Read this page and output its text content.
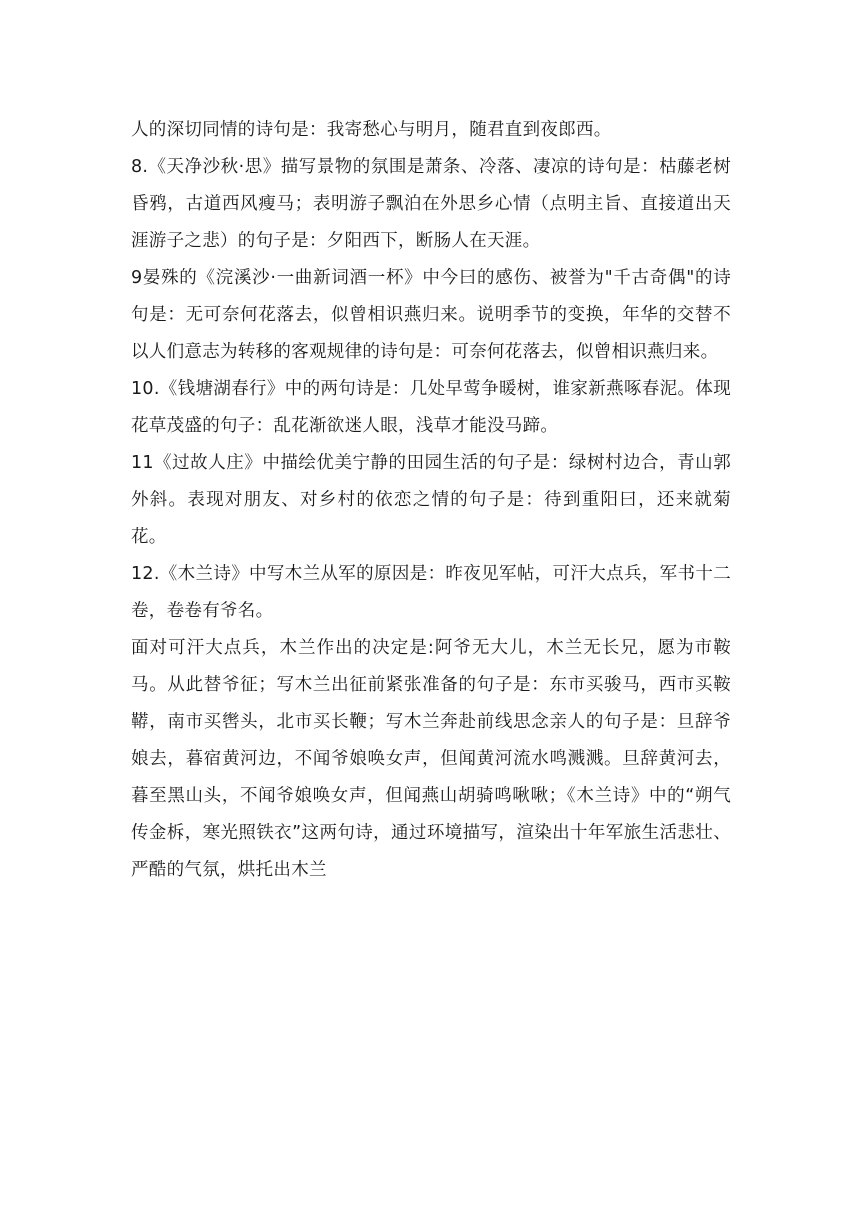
人的深切同情的诗句是：我寄愁心与明月，随君直到夜郎西。

8.《天净沙秋·思》描写景物的氛围是萧条、冷落、凄凉的诗句是：枯藤老树昏鸦，古道西风瘦马；表明游子飘泊在外思乡心情（点明主旨、直接道出天涯游子之悲）的句子是：夕阳西下，断肠人在天涯。

9晏殊的《浣溪沙·一曲新词酒一杯》中今曰的感伤、被誉为"千古奇偶"的诗句是：无可奈何花落去，似曾相识燕归来。说明季节的变换，年华的交替不以人们意志为转移的客观规律的诗句是：可奈何花落去，似曾相识燕归来。

10.《钱塘湖春行》中的两句诗是：几处早莺争暖树，谁家新燕啄春泥。体现花草茂盛的句子：乱花渐欲迷人眼，浅草才能没马蹄。

11《过故人庄》中描绘优美宁静的田园生活的句子是：绿树村边合，青山郭外斜。表现对朋友、对乡村的依恋之情的句子是：待到重阳曰，还来就菊花。

12.《木兰诗》中写木兰从军的原因是：昨夜见军帖，可汗大点兵，军书十二卷，卷卷有爷名。

面对可汗大点兵，木兰作出的决定是:阿爷无大儿，木兰无长兄，愿为市鞍马。从此替爷征；写木兰出征前紧张准备的句子是：东市买骏马，西市买鞍鞯，南市买辔头，北市买长鞭；写木兰奔赴前线思念亲人的句子是：旦辞爷娘去，暮宿黄河边，不闻爷娘唤女声，但闻黄河流水鸣溅溅。旦辞黄河去，暮至黑山头，不闻爷娘唤女声，但闻燕山胡骑鸣啾啾；《木兰诗》中的“朔气传金柝，寒光照铁衣”这两句诗，通过环境描写，渲染出十年军旅生活悲壮、严酷的气氛，烘托出木兰
